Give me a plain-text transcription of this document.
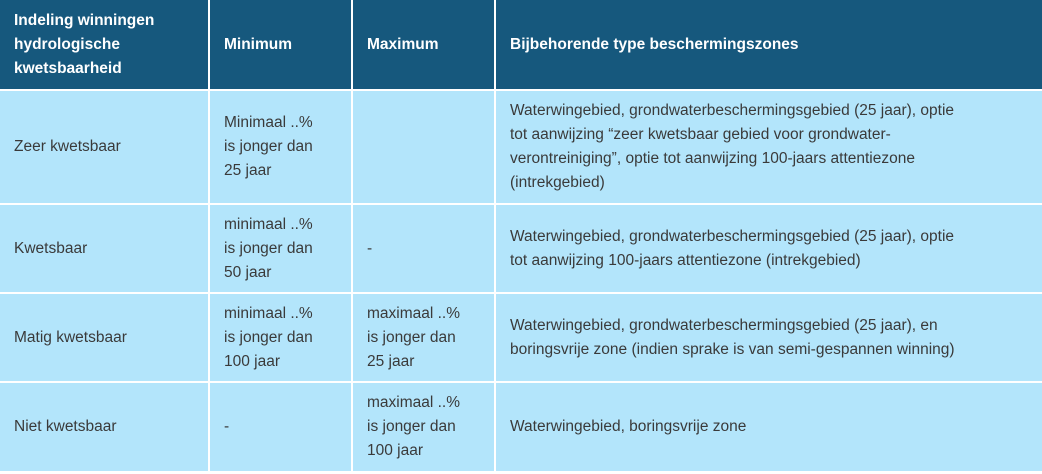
Indeling winningen
hydrologische
kwetsbaarheid	Minimum	Maximum	Bijbehorende type beschermingszones
Zeer kwetsbaar	Minimaal ..%
is jonger dan
25 jaar		Waterwingebied, grondwaterbeschermingsgebied (25 jaar), optie
tot aanwijzing “zeer kwetsbaar gebied voor grondwater-
verontreiniging”, optie tot aanwijzing 100-jaars attentiezone
(intrekgebied)
Kwetsbaar	minimaal ..%
is jonger dan
50 jaar	-	Waterwingebied, grondwaterbeschermingsgebied (25 jaar), optie
tot aanwijzing 100-jaars attentiezone (intrekgebied)
Matig kwetsbaar	minimaal ..%
is jonger dan
100 jaar	maximaal ..%
is jonger dan
25 jaar	Waterwingebied, grondwaterbeschermingsgebied (25 jaar), en
boringsvrije zone (indien sprake is van semi-gespannen winning)
Niet kwetsbaar	-	maximaal ..%
is jonger dan
100 jaar	Waterwingebied, boringsvrije zone
